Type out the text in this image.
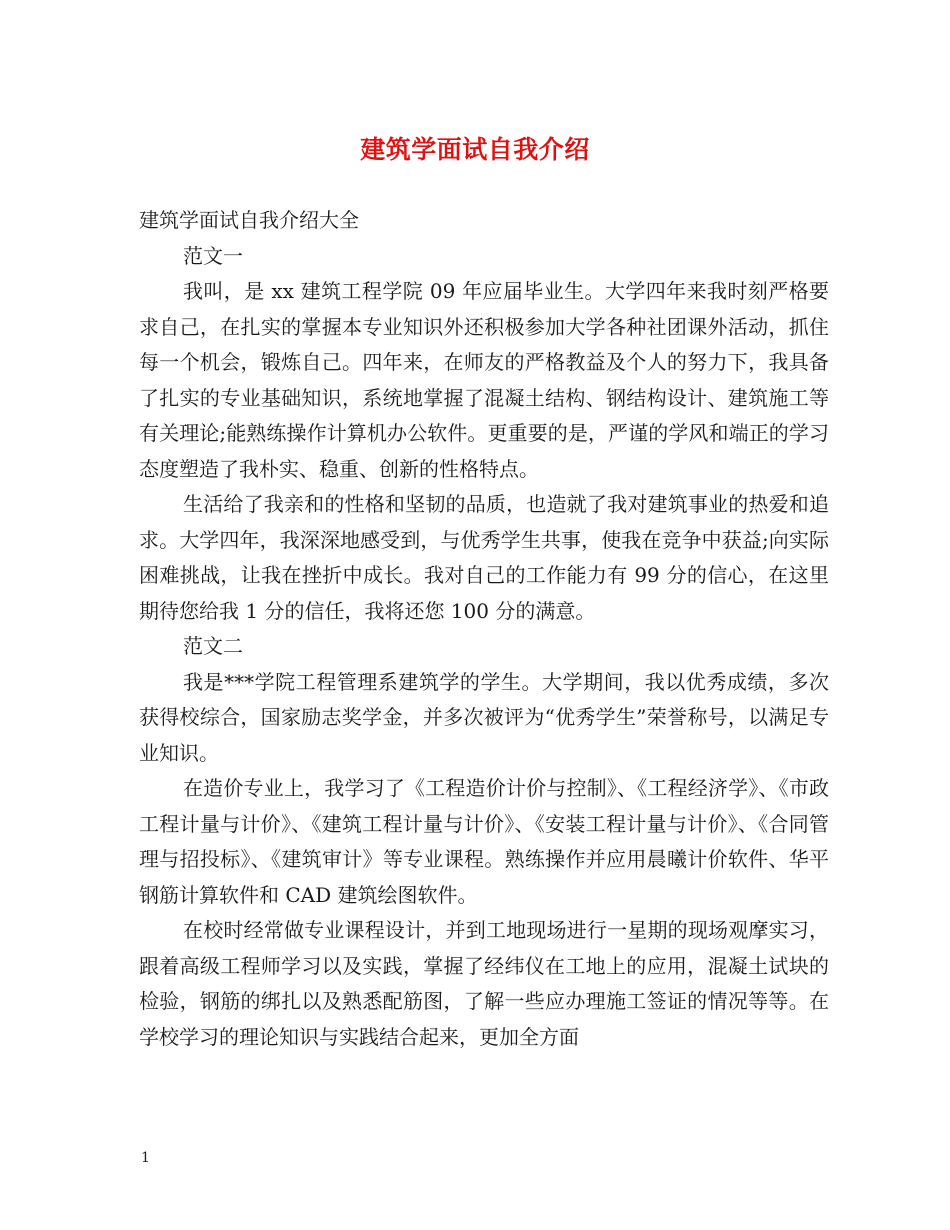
建筑学面试自我介绍

建筑学面试自我介绍大全

范文一

我叫，是 xx 建筑工程学院 09 年应届毕业生。大学四年来我时刻严格要求自己，在扎实的掌握本专业知识外还积极参加大学各种社团课外活动，抓住每一个机会，锻炼自己。四年来，在师友的严格教益及个人的努力下，我具备了扎实的专业基础知识，系统地掌握了混凝土结构、钢结构设计、建筑施工等有关理论;能熟练操作计算机办公软件。更重要的是，严谨的学风和端正的学习态度塑造了我朴实、稳重、创新的性格特点。

生活给了我亲和的性格和坚韧的品质，也造就了我对建筑事业的热爱和追求。大学四年，我深深地感受到，与优秀学生共事，使我在竞争中获益;向实际困难挑战，让我在挫折中成长。我对自己的工作能力有 99 分的信心，在这里期待您给我 1 分的信任，我将还您 100 分的满意。

范文二

我是***学院工程管理系建筑学的学生。大学期间，我以优秀成绩，多次获得校综合，国家励志奖学金，并多次被评为“优秀学生”荣誉称号，以满足专业知识。

在造价专业上，我学习了《工程造价计价与控制》、《工程经济学》、《市政工程计量与计价》、《建筑工程计量与计价》、《安装工程计量与计价》、《合同管理与招投标》、《建筑审计》等专业课程。熟练操作并应用晨曦计价软件、华平钢筋计算软件和 CAD 建筑绘图软件。

在校时经常做专业课程设计，并到工地现场进行一星期的现场观摩实习，跟着高级工程师学习以及实践，掌握了经纬仪在工地上的应用，混凝土试块的检验，钢筋的绑扎以及熟悉配筋图，了解一些应办理施工签证的情况等等。在学校学习的理论知识与实践结合起来，更加全方面

1
